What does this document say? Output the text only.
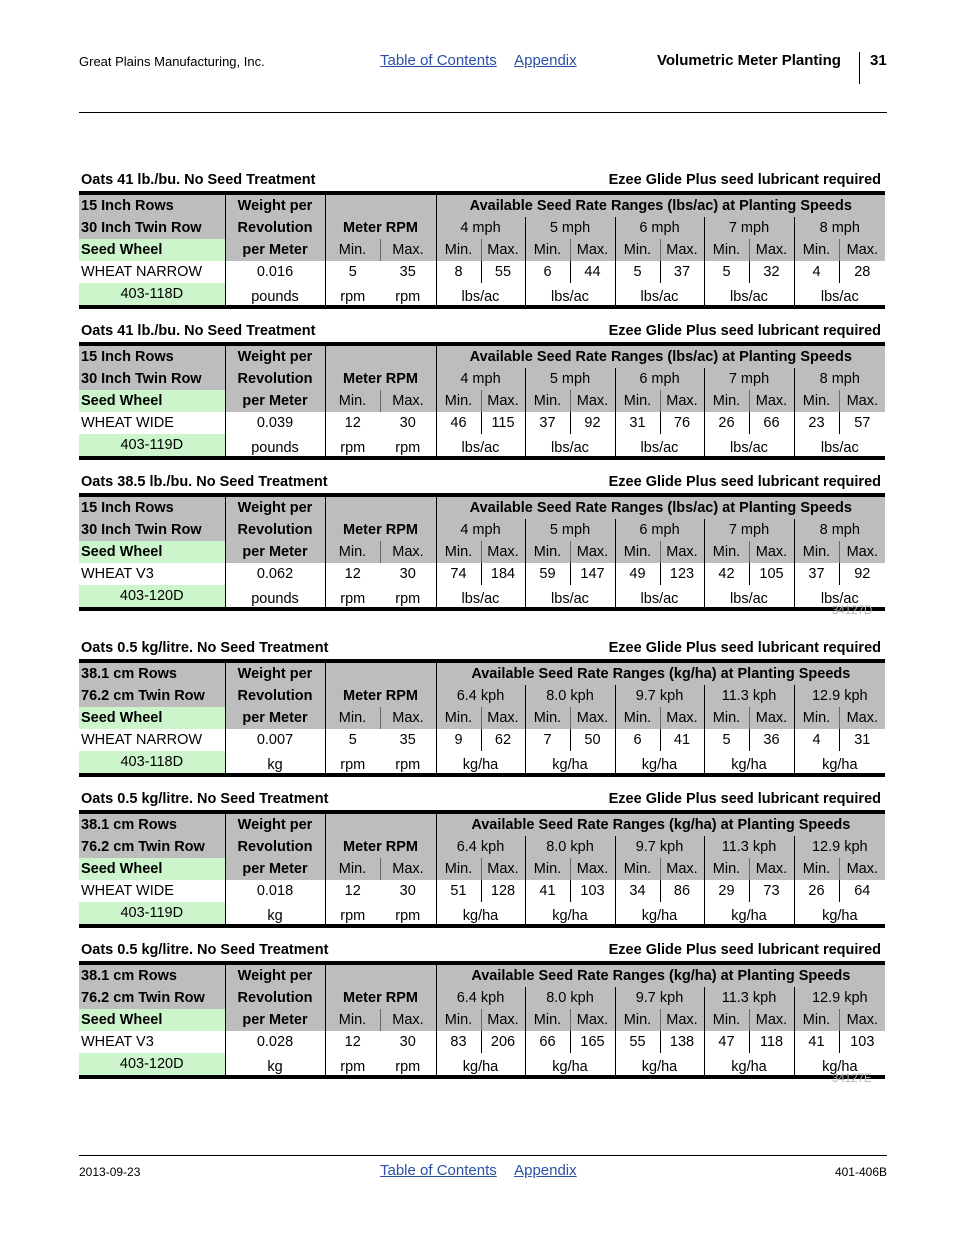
Great Plains Manufacturing, Inc.	Table of Contents Appendix	Volumetric Meter Planting	31
Oats 41 lb./bu. No Seed Treatment	Ezee Glide Plus seed lubricant required
15 Inch Rows	Weight per			Available Seed Rate Ranges (lbs/ac) at Planting Speeds									
30 Inch Twin Row	Revolution	Meter RPM		4 mph		5 mph		6 mph		7 mph		8 mph	
Seed Wheel	per Meter	Min.	Max.	Min.	Max.	Min.	Max.	Min.	Max.	Min.	Max.	Min.	Max.
WHEAT NARROW	0.016	5	35	8	55	6	44	5	37	5	32	4	28
403-118D	pounds	rpm	rpm	lbs/ac		lbs/ac		lbs/ac		lbs/ac		lbs/ac	
Oats 41 lb./bu. No Seed Treatment	Ezee Glide Plus seed lubricant required
15 Inch Rows	Weight per			Available Seed Rate Ranges (lbs/ac) at Planting Speeds									
30 Inch Twin Row	Revolution	Meter RPM		4 mph		5 mph		6 mph		7 mph		8 mph	
Seed Wheel	per Meter	Min.	Max.	Min.	Max.	Min.	Max.	Min.	Max.	Min.	Max.	Min.	Max.
WHEAT WIDE	0.039	12	30	46	115	37	92	31	76	26	66	23	57
403-119D	pounds	rpm	rpm	lbs/ac		lbs/ac		lbs/ac		lbs/ac		lbs/ac	
Oats 38.5 lb./bu. No Seed Treatment	Ezee Glide Plus seed lubricant required
15 Inch Rows	Weight per			Available Seed Rate Ranges (lbs/ac) at Planting Speeds									
30 Inch Twin Row	Revolution	Meter RPM		4 mph		5 mph		6 mph		7 mph		8 mph	
Seed Wheel	per Meter	Min.	Max.	Min.	Max.	Min.	Max.	Min.	Max.	Min.	Max.	Min.	Max.
WHEAT V3	0.062	12	30	74	184	59	147	49	123	42	105	37	92
403-120D	pounds	rpm	rpm	lbs/ac		lbs/ac		lbs/ac		lbs/ac		lbs/ac	
Oats 0.5 kg/litre. No Seed Treatment	Ezee Glide Plus seed lubricant required
38.1 cm Rows	Weight per			Available Seed Rate Ranges (kg/ha) at Planting Speeds									
76.2 cm Twin Row	Revolution	Meter RPM		6.4 kph		8.0 kph		9.7 kph		11.3 kph		12.9 kph	
Seed Wheel	per Meter	Min.	Max.	Min.	Max.	Min.	Max.	Min.	Max.	Min.	Max.	Min.	Max.
WHEAT NARROW	0.007	5	35	9	62	7	50	6	41	5	36	4	31
403-118D	kg	rpm	rpm	kg/ha		kg/ha		kg/ha		kg/ha		kg/ha	
Oats 0.5 kg/litre. No Seed Treatment	Ezee Glide Plus seed lubricant required
38.1 cm Rows	Weight per			Available Seed Rate Ranges (kg/ha) at Planting Speeds									
76.2 cm Twin Row	Revolution	Meter RPM		6.4 kph		8.0 kph		9.7 kph		11.3 kph		12.9 kph	
Seed Wheel	per Meter	Min.	Max.	Min.	Max.	Min.	Max.	Min.	Max.	Min.	Max.	Min.	Max.
WHEAT WIDE	0.018	12	30	51	128	41	103	34	86	29	73	26	64
403-119D	kg	rpm	rpm	kg/ha		kg/ha		kg/ha		kg/ha		kg/ha	
Oats 0.5 kg/litre. No Seed Treatment	Ezee Glide Plus seed lubricant required
38.1 cm Rows	Weight per			Available Seed Rate Ranges (kg/ha) at Planting Speeds									
76.2 cm Twin Row	Revolution	Meter RPM		6.4 kph		8.0 kph		9.7 kph		11.3 kph		12.9 kph	
Seed Wheel	per Meter	Min.	Max.	Min.	Max.	Min.	Max.	Min.	Max.	Min.	Max.	Min.	Max.
WHEAT V3	0.028	12	30	83	206	66	165	55	138	47	118	41	103
403-120D	kg	rpm	rpm	kg/ha		kg/ha		kg/ha		kg/ha		kg/ha	
34127D
34127E
2013-09-23	Table of Contents Appendix	401-406B
